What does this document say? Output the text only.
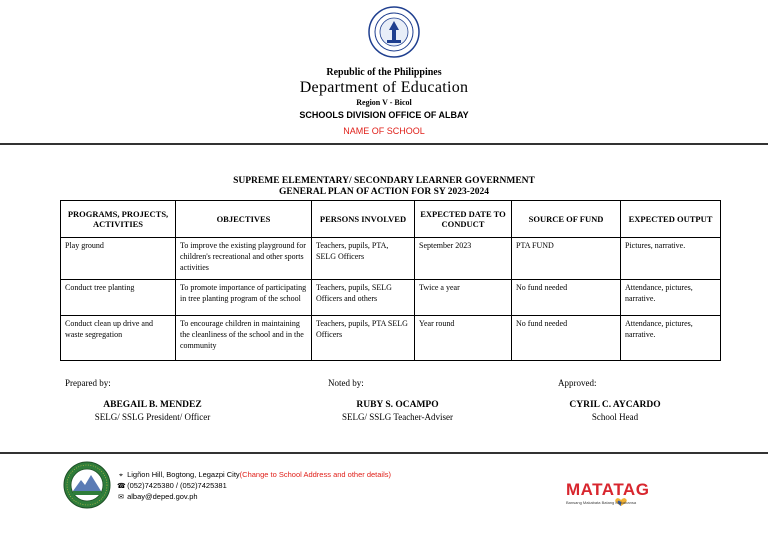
Republic of the Philippines
Department of Education
Region V - Bicol
SCHOOLS DIVISION OFFICE OF ALBAY
NAME OF SCHOOL
SUPREME ELEMENTARY/ SECONDARY LEARNER GOVERNMENT
GENERAL PLAN OF ACTION FOR SY 2023-2024
PROGRAMS, PROJECTS, ACTIVITIES	OBJECTIVES	PERSONS INVOLVED	EXPECTED DATE TO CONDUCT	SOURCE OF FUND	EXPECTED OUTPUT
Play ground	To improve the existing playground for children's recreational and other sports activities	Teachers, pupils, PTA, SELG Officers	September 2023	PTA FUND	Pictures, narrative.
Conduct tree planting	To promote importance of participating in tree planting program of the school	Teachers, pupils, SELG Officers and others	Twice a year	No fund needed	Attendance, pictures, narrative.
Conduct clean up drive and waste segregation	To encourage children in maintaining the cleanliness of the school and in the community	Teachers, pupils, PTA SELG Officers	Year round	No fund needed	Attendance, pictures, narrative.
Prepared by:	Noted by:	Approved:
ABEGAIL B. MENDEZ
SELG/ SSLG President/ Officer
RUBY S. OCAMPO
SELG/ SSLG Teacher-Adviser
CYRIL C. AYCARDO
School Head
⌖ Ligñon Hill, Bogtong, Legazpi City(Change to School Address and other details)
☎ (052)7425380 / (052)7425381
✉ albay@deped.gov.ph	MATATAG
Bansang Makabata Batang Makabansa
